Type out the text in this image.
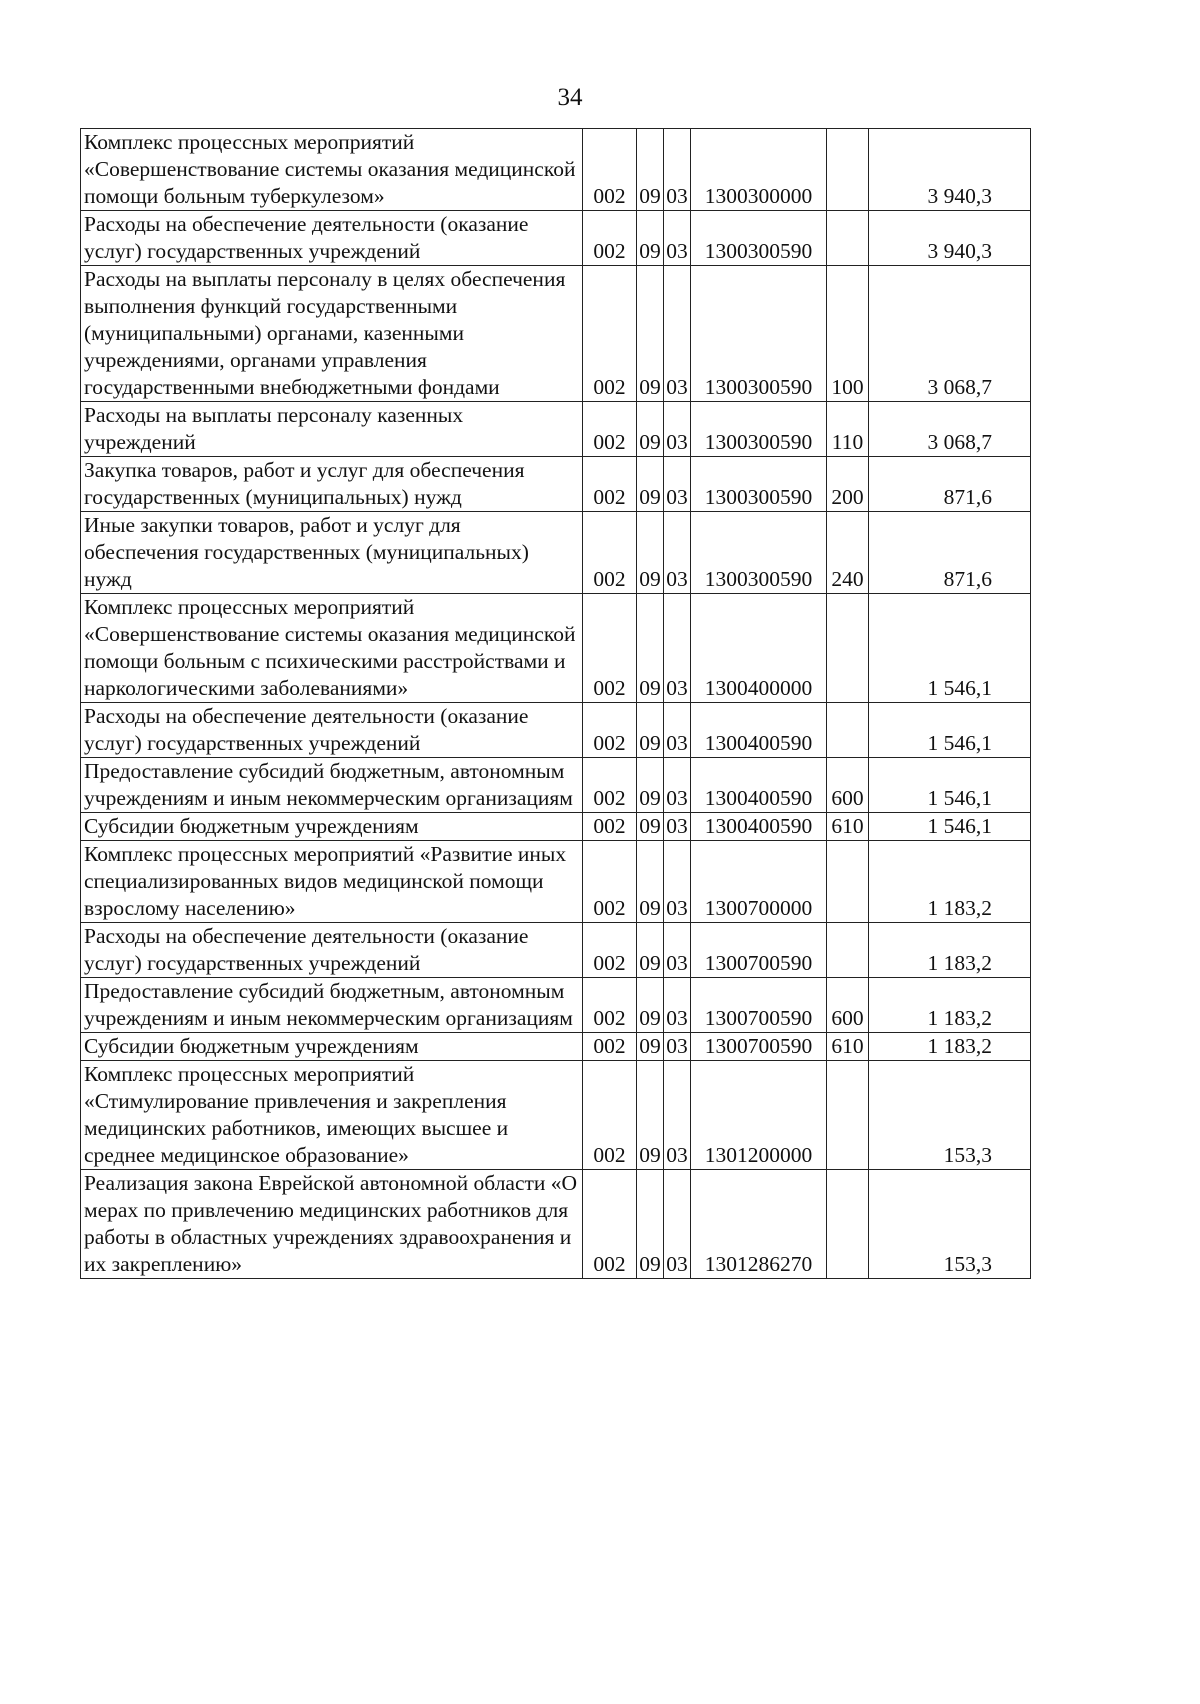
34
Комплекс процессных мероприятий «Совершенствование системы оказания медицинской помощи больным туберкулезом»	002	09	03	1300300000		3 940,3
Расходы на обеспечение деятельности (оказание услуг) государственных учреждений	002	09	03	1300300590		3 940,3
Расходы на выплаты персоналу в целях обеспечения выполнения функций государственными (муниципальными) органами, казенными учреждениями, органами управления государственными внебюджетными фондами	002	09	03	1300300590	100	3 068,7
Расходы на выплаты персоналу казенных учреждений	002	09	03	1300300590	110	3 068,7
Закупка товаров, работ и услуг для обеспечения государственных (муниципальных) нужд	002	09	03	1300300590	200	871,6
Иные закупки товаров, работ и услуг для обеспечения государственных (муниципальных) нужд	002	09	03	1300300590	240	871,6
Комплекс процессных мероприятий «Совершенствование системы оказания медицинской помощи больным с психическими расстройствами и наркологическими заболеваниями»	002	09	03	1300400000		1 546,1
Расходы на обеспечение деятельности (оказание услуг) государственных учреждений	002	09	03	1300400590		1 546,1
Предоставление субсидий бюджетным, автономным учреждениям и иным некоммерческим организациям	002	09	03	1300400590	600	1 546,1
Субсидии бюджетным учреждениям	002	09	03	1300400590	610	1 546,1
Комплекс процессных мероприятий «Развитие иных специализированных видов медицинской помощи взрослому населению»	002	09	03	1300700000		1 183,2
Расходы на обеспечение деятельности (оказание услуг) государственных учреждений	002	09	03	1300700590		1 183,2
Предоставление субсидий бюджетным, автономным учреждениям и иным некоммерческим организациям	002	09	03	1300700590	600	1 183,2
Субсидии бюджетным учреждениям	002	09	03	1300700590	610	1 183,2
Комплекс процессных мероприятий «Стимулирование привлечения и закрепления медицинских работников, имеющих высшее и среднее медицинское образование»	002	09	03	1301200000		153,3
Реализация закона Еврейской автономной области «О мерах по привлечению медицинских работников для работы в областных учреждениях здравоохранения и их закреплению»	002	09	03	1301286270		153,3
